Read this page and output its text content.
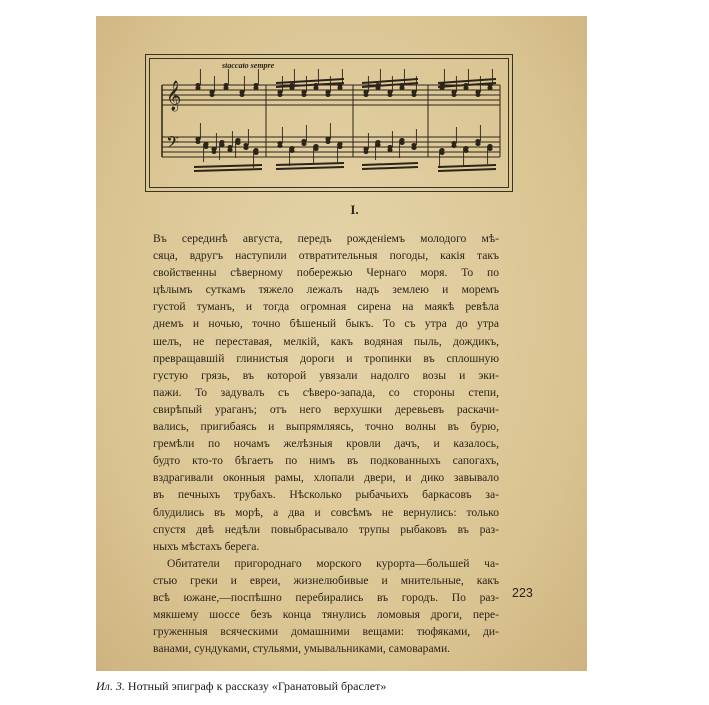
𝄞
𝄢
staccato sempre
I.
Въ серединѣ августа, передъ рожденіемъ молодого мѣ-
сяца, вдругъ наступили отвратительныя погоды, какія такъ
свойственны сѣверному побережью Чернаго моря. То по
цѣлымъ суткамъ тяжело лежалъ надъ землею и моремъ
густой туманъ, и тогда огромная сирена на маякѣ ревѣла
днемъ и ночью, точно бѣшеный быкъ. То съ утра до утра
шелъ, не переставая, мелкій, какъ водяная пыль, дождикъ,
превращавшій глинистыя дороги и тропинки въ сплошную
густую грязь, въ которой увязали надолго возы и эки-
пажи. То задувалъ съ сѣверо-запада, со стороны степи,
свирѣпый ураганъ; отъ него верхушки деревьевъ раскачи-
вались, пригибаясь и выпрямляясь, точно волны въ бурю,
гремѣли по ночамъ желѣзныя кровли дачъ, и казалось,
будто кто-то бѣгаетъ по нимъ въ подкованныхъ сапогахъ,
вздрагивали оконныя рамы, хлопали двери, и дико завывало
въ печныхъ трубахъ. Нѣсколько рыбачьихъ баркасовъ за-
блудились въ морѣ, а два и совсѣмъ не вернулись: только
спустя двѣ недѣли повыбрасывало трупы рыбаковъ въ раз-
ныхъ мѣстахъ берега.
Обитатели пригороднаго морского курорта—большей ча-
стью греки и евреи, жизнелюбивые и мнительные, какъ
всѣ южане,—поспѣшно перебирались въ городъ. По раз-
мякшему шоссе безъ конца тянулись ломовыя дроги, пере-
груженныя всяческими домашними вещами: тюфяками, ди-
ванами, сундуками, стульями, умывальниками, самоварами.
223
Ил. 3. Нотный эпиграф к рассказу «Гранатовый браслет»
